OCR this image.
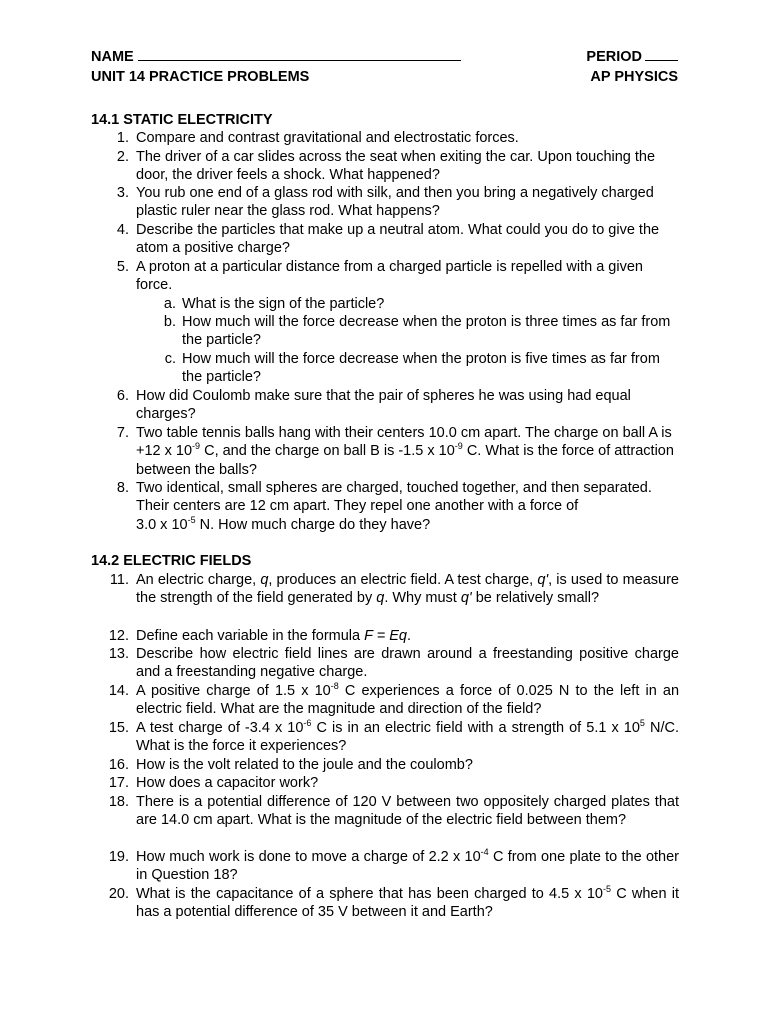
NAME	PERIOD
UNIT 14 PRACTICE PROBLEMS	AP PHYSICS
14.1 STATIC ELECTRICITY
1. Compare and contrast gravitational and electrostatic forces.
2. The driver of a car slides across the seat when exiting the car. Upon touching the door, the driver feels a shock. What happened?
3. You rub one end of a glass rod with silk, and then you bring a negatively charged plastic ruler near the glass rod. What happens?
4. Describe the particles that make up a neutral atom. What could you do to give the atom a positive charge?
5. A proton at a particular distance from a charged particle is repelled with a given force.
a. What is the sign of the particle?
b. How much will the force decrease when the proton is three times as far from the particle?
c. How much will the force decrease when the proton is five times as far from the particle?
6. How did Coulomb make sure that the pair of spheres he was using had equal charges?
7. Two table tennis balls hang with their centers 10.0 cm apart. The charge on ball A is +12 x $10^{-9}$ C, and the charge on ball B is -1.5 x $10^{-9}$ C. What is the force of attraction between the balls?
8. Two identical, small spheres are charged, touched together, and then separated. Their centers are 12 cm apart. They repel one another with a force of
3.0 x $10^{-5}$ N. How much charge do they have?
14.2 ELECTRIC FIELDS
11. An electric charge, q, produces an electric field. A test charge, q', is used to measure the strength of the field generated by q. Why must q' be relatively small?
12. Define each variable in the formula F = Eq.
13. Describe how electric field lines are drawn around a freestanding positive charge and a freestanding negative charge.
14. A positive charge of 1.5 x $10^{-8}$ C experiences a force of 0.025 N to the left in an electric field. What are the magnitude and direction of the field?
15. A test charge of -3.4 x $10^{-6}$ C is in an electric field with a strength of 5.1 x $10^5$ N/C. What is the force it experiences?
16. How is the volt related to the joule and the coulomb?
17. How does a capacitor work?
18. There is a potential difference of 120 V between two oppositely charged plates that are 14.0 cm apart. What is the magnitude of the electric field between them?
19. How much work is done to move a charge of 2.2 x $10^{-4}$ C from one plate to the other in Question 18?
20. What is the capacitance of a sphere that has been charged to 4.5 x $10^{-5}$ C when it has a potential difference of 35 V between it and Earth?
